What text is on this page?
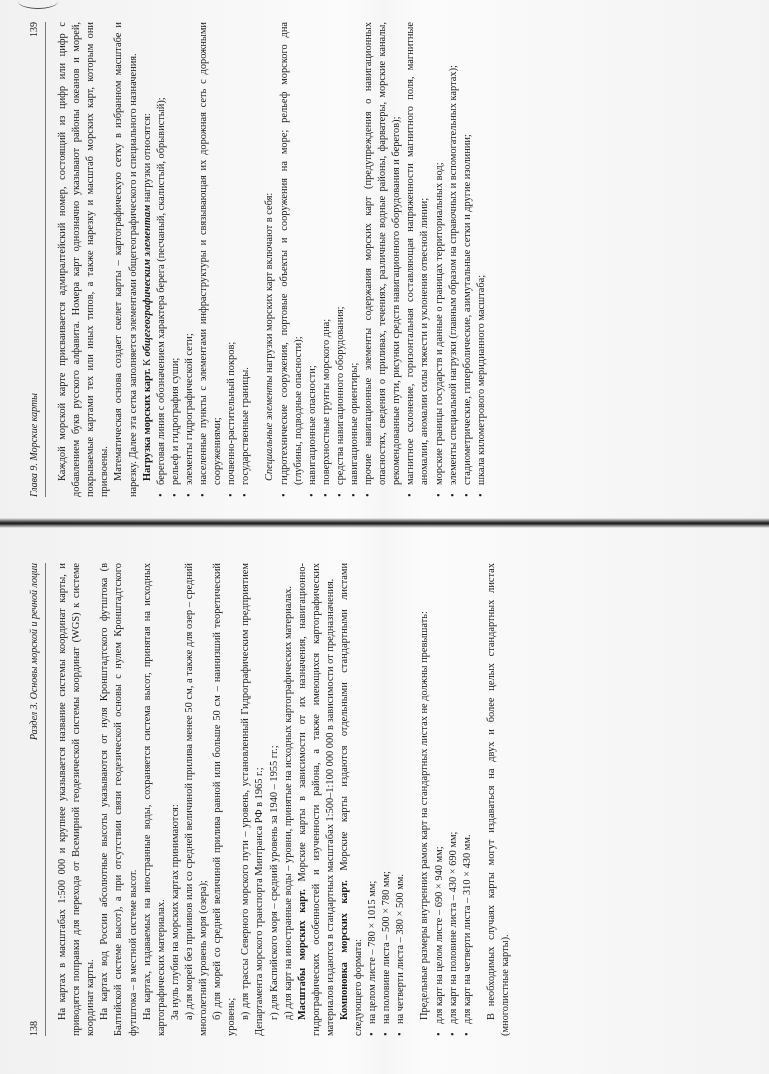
138
Раздел 3. Основы морской и речной лоции На картах в масштабах 1:500 000 и крупнее указывается название системы координат карты, и приводятся поправки для перехода от Всемирной геодезической системы координат (WGS) к системе координат карты. На картах вод России абсолютные высоты указываются от нуля Кронштадтского футштока (в Балтийской системе высот), а при отсутствии связи геодезической основы с нулем Кронштадтского футштока – в местной системе высот. На картах, издаваемых на иностранные воды, сохраняется система высот, принятая на исходных картографических материалах. За нуль глубин на морских картах принимаются: а) для морей без приливов или со средней величиной прилива менее 50 см, а также для озер – средний многолетний уровень моря (озера); б) для морей со средней величиной прилива равной или больше 50 см – наинизший теоретический уровень; в) для трассы Северного морского пути – уровень, установленный Гидрографическим предприятием Департамента морского транспорта Минтранса РФ в 1965 г.; г) для Каспийского моря – средний уровень за 1940 – 1955 гг.; д) для карт на иностранные воды – уровни, принятые на исходных картографических материалах. Масштабы морских карт. Морские карты в зависимости от их назначения, навигационно-гидрографических особенностей и изученности района, а также имеющихся картографических материалов издаются в стандартных масштабах 1:500–1:100 000 000 в зависимости от предназначения. Компоновка морских карт. Морские карты издаются отдельными стандартными листами следующего формата: • на целом листе – 780 × 1015 мм; • на половине листа – 500 × 780 мм; • на четверти листа – 380 × 500 мм. Предельные размеры внутренних рамок карт на стандартных листах не должны превышать: • для карт на целом листе – 690 × 940 мм; • для карт на половине листа – 430 × 690 мм; • для карт на четверти листа – 310 × 430 мм. В необходимых случаях карты могут издаваться на двух и более целых стандартных листах (многолистные карты).

Глава 9. Морские карты
139 Каждой морской карте присваивается адмиралтейский номер, состоящий из цифр или цифр с добавлением букв русского алфавита. Номера карт однозначно указывают районы океанов и морей, покрываемые картами тех или иных типов, а также нарезку и масштаб морских карт, которым они присвоены. Математическая основа создает скелет карты – картографическую сетку в избранном масштабе и нарезку. Далее эта сетка заполняется элементами общегеографического и специального назначения. Нагрузка морских карт. К общегеографическим элементам нагрузки относятся: • береговая линия с обозначением характера берега (песчаный, скалистый, обрывистый); • рельеф и гидрография суши; • элементы гидрографической сети; • населенные пункты с элементами инфраструктуры и связывающая их дорожная сеть с дорожными сооружениями; • почвенно-растительный покров; • государственные границы. Специальные элементы нагрузки морских карт включают в себя: • гидротехнические сооружения, портовые объекты и сооружения на море; рельеф морского дна (глубины, подводные опасности); • навигационные опасности; • поверхностные грунты морского дна; • средства навигационного оборудования; • навигационные ориентиры; • прочие навигационные элементы содержания морских карт (предупреждения о навигационных опасностях, сведения о приливах, течениях, различные водные районы, фарватеры, морские каналы, рекомендованные пути, рисунки средств навигационного оборудования и берегов); • магнитное склонение, горизонтальная составляющая напряженности магнитного поля, магнитные аномалии, аномалии силы тяжести и уклонения отвесной линии; • морские границы государств и данные о границах территориальных вод; • элементы специальной нагрузки (главным образом на справочных и вспомогательных картах); • стадиометрические, гиперболические, азимутальные сетки и другие изолинии; • шкала километрового меридианного масштаба;
